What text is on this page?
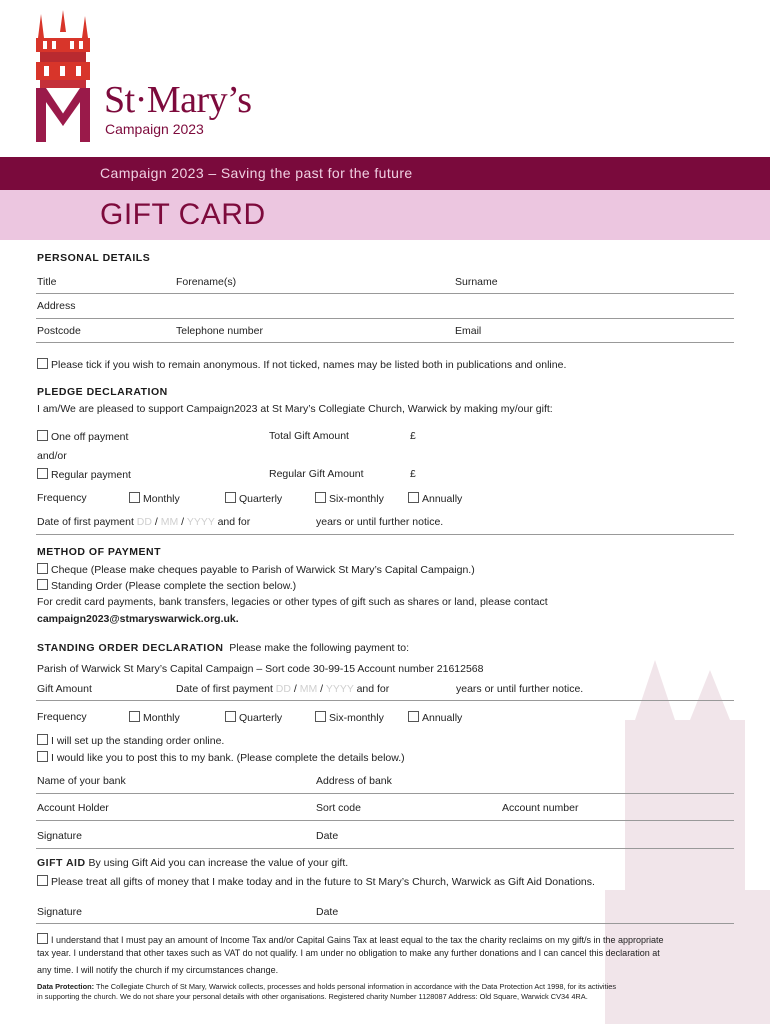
St·Mary’s
Campaign 2023
Campaign 2023 – Saving the past for the future
GIFT CARD
PERSONAL DETAILS
Title	Forename(s)	Surname
Address
Postcode	Telephone number	Email
Please tick if you wish to remain anonymous. If not ticked, names may be listed both in publications and online.
PLEDGE DECLARATION
I am/We are pleased to support Campaign2023 at St Mary’s Collegiate Church, Warwick by making my/our gift:
One off payment	Total Gift Amount	£
and/or
Regular payment	Regular Gift Amount	£
Frequency	Monthly	Quarterly	Six-monthly	Annually
Date of first payment DD / MM / YYYY and for	years or until further notice.
METHOD OF PAYMENT
Cheque (Please make cheques payable to Parish of Warwick St Mary’s Capital Campaign.)
Standing Order (Please complete the section below.)
For credit card payments, bank transfers, legacies or other types of gift such as shares or land, please contact
campaign2023@stmaryswarwick.org.uk.
STANDING ORDER DECLARATION Please make the following payment to:
Parish of Warwick St Mary’s Capital Campaign – Sort code 30-99-15 Account number 21612568
Gift Amount	Date of first payment DD / MM / YYYY and for	years or until further notice.
Frequency	Monthly	Quarterly	Six-monthly	Annually
I will set up the standing order online.
I would like you to post this to my bank. (Please complete the details below.)
Name of your bank	Address of bank
Account Holder	Sort code	Account number
Signature	Date
GIFT AID By using Gift Aid you can increase the value of your gift.
Please treat all gifts of money that I make today and in the future to St Mary’s Church, Warwick as Gift Aid Donations.
Signature	Date
I understand that I must pay an amount of Income Tax and/or Capital Gains Tax at least equal to the tax the charity reclaims on my gift/s in the appropriate
tax year. I understand that other taxes such as VAT do not qualify. I am under no obligation to make any further donations and I can cancel this declaration at
any time. I will notify the church if my circumstances change.
Data Protection: The Collegiate Church of St Mary, Warwick collects, processes and holds personal information in accordance with the Data Protection Act 1998, for its activities
in supporting the church. We do not share your personal details with other organisations. Registered charity Number 1128087 Address: Old Square, Warwick CV34 4RA.
